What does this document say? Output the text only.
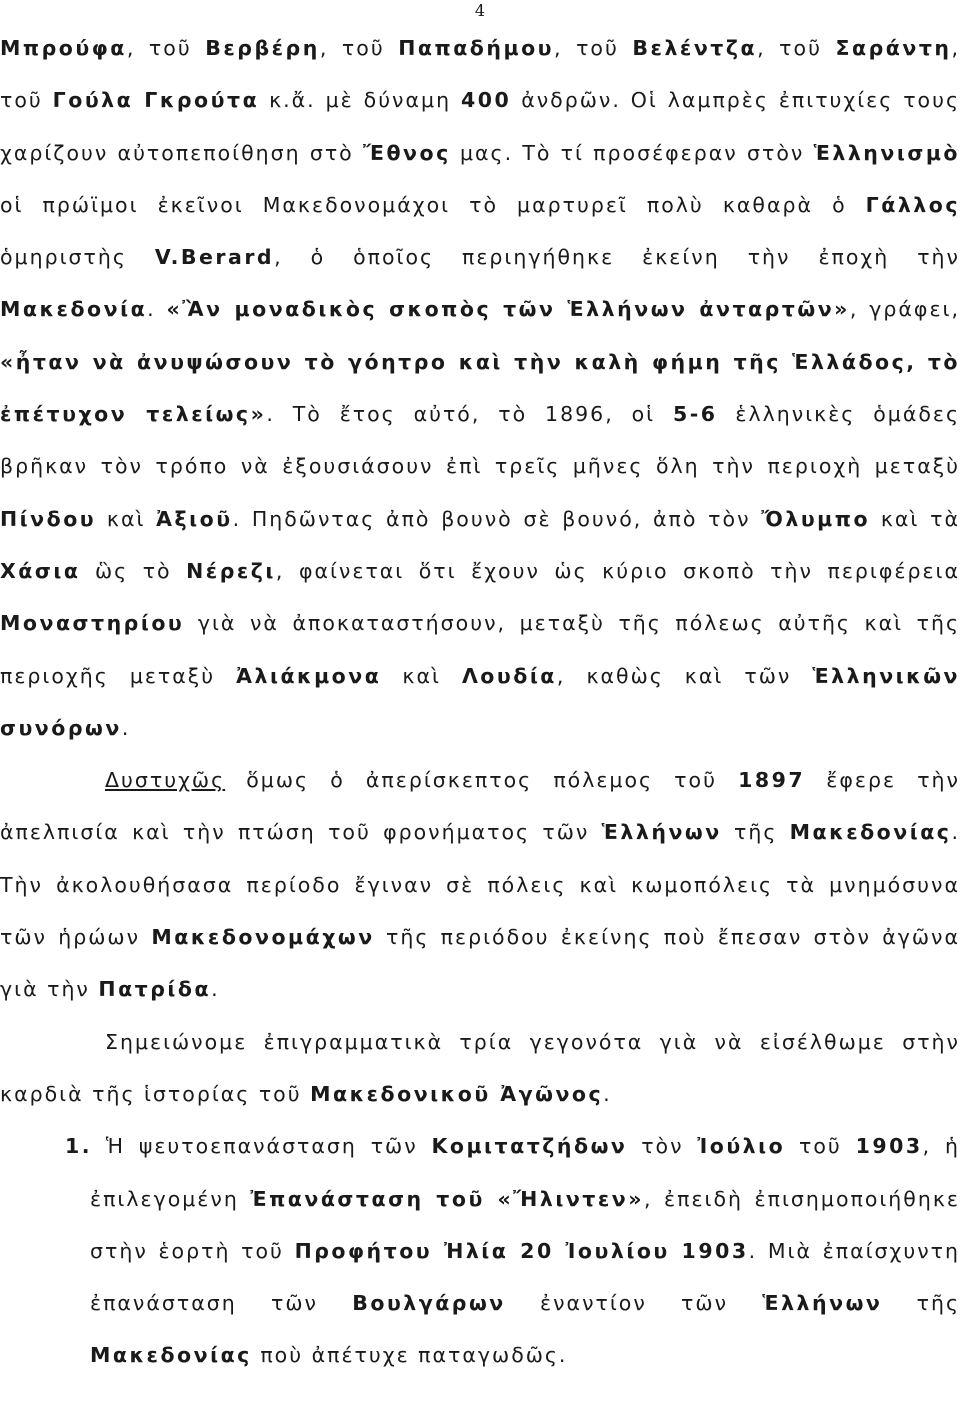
4

Μπρούφα, τοῦ Βερβέρη, τοῦ Παπαδήμου, τοῦ Βελέντζα, τοῦ Σαράντη, τοῦ Γούλα Γκρούτα κ.ἄ. μὲ δύναμη 400 ἀνδρῶν. Οἱ λαμπρὲς ἐπιτυχίες τους χαρίζουν αὐτοπεποίθηση στὸ Ἔθνος μας. Τὸ τί προσέφεραν στὸν Ἑλληνισμὸ οἱ πρώϊμοι ἐκεῖνοι Μακεδονομάχοι τὸ μαρτυρεῖ πολὺ καθαρὰ ὁ Γάλλος ὁμηριστὴς V.Berard, ὁ ὁποῖος περιηγήθηκε ἐκείνη τὴν ἐποχὴ τὴν Μακεδονία. «Ἂν μοναδικὸς σκοπὸς τῶν Ἑλλήνων ἀνταρτῶν», γράφει, «ἦταν νὰ ἀνυψώσουν τὸ γόητρο καὶ τὴν καλὴ φήμη τῆς Ἑλλάδος, τὸ ἐπέτυχον τελείως». Τὸ ἔτος αὐτό, τὸ 1896, οἱ 5-6 ἑλληνικὲς ὁμάδες βρῆκαν τὸν τρόπο νὰ ἐξουσιάσουν ἐπὶ τρεῖς μῆνες ὅλη τὴν περιοχὴ μεταξὺ Πίνδου καὶ Ἀξιοῦ. Πηδῶντας ἀπὸ βουνὸ σὲ βουνό, ἀπὸ τὸν Ὄλυμπο καὶ τὰ Χάσια ὣς τὸ Νέρεζι, φαίνεται ὅτι ἔχουν ὡς κύριο σκοπὸ τὴν περιφέρεια Μοναστηρίου γιὰ νὰ ἀποκαταστήσουν, μεταξὺ τῆς πόλεως αὐτῆς καὶ τῆς περιοχῆς μεταξὺ Ἀλιάκμονα καὶ Λουδία, καθὼς καὶ τῶν Ἑλληνικῶν συνόρων.

Δυστυχῶς ὅμως ὁ ἀπερίσκεπτος πόλεμος τοῦ 1897 ἔφερε τὴν ἀπελπισία καὶ τὴν πτώση τοῦ φρονήματος τῶν Ἑλλήνων τῆς Μακεδονίας. Τὴν ἀκολουθήσασα περίοδο ἔγιναν σὲ πόλεις καὶ κωμοπόλεις τὰ μνημόσυνα τῶν ἡρώων Μακεδονομάχων τῆς περιόδου ἐκείνης ποὺ ἔπεσαν στὸν ἀγῶνα γιὰ τὴν Πατρίδα.

Σημειώνομε ἐπιγραμματικὰ τρία γεγονότα γιὰ νὰ εἰσέλθωμε στὴν καρδιὰ τῆς ἱστορίας τοῦ Μακεδονικοῦ Ἀγῶνος.

1. Ἡ ψευτοεπανάσταση τῶν Κομιτατζήδων τὸν Ἰούλιο τοῦ 1903, ἡ ἐπιλεγομένη Ἐπανάσταση τοῦ «Ἤλιντεν», ἐπειδὴ ἐπισημοποιήθηκε στὴν ἑορτὴ τοῦ Προφήτου Ἠλία 20 Ἰουλίου 1903. Μιὰ ἐπαίσχυντη ἐπανάσταση τῶν Βουλγάρων ἐναντίον τῶν Ἑλλήνων τῆς Μακεδονίας ποὺ ἀπέτυχε παταγωδῶς.
